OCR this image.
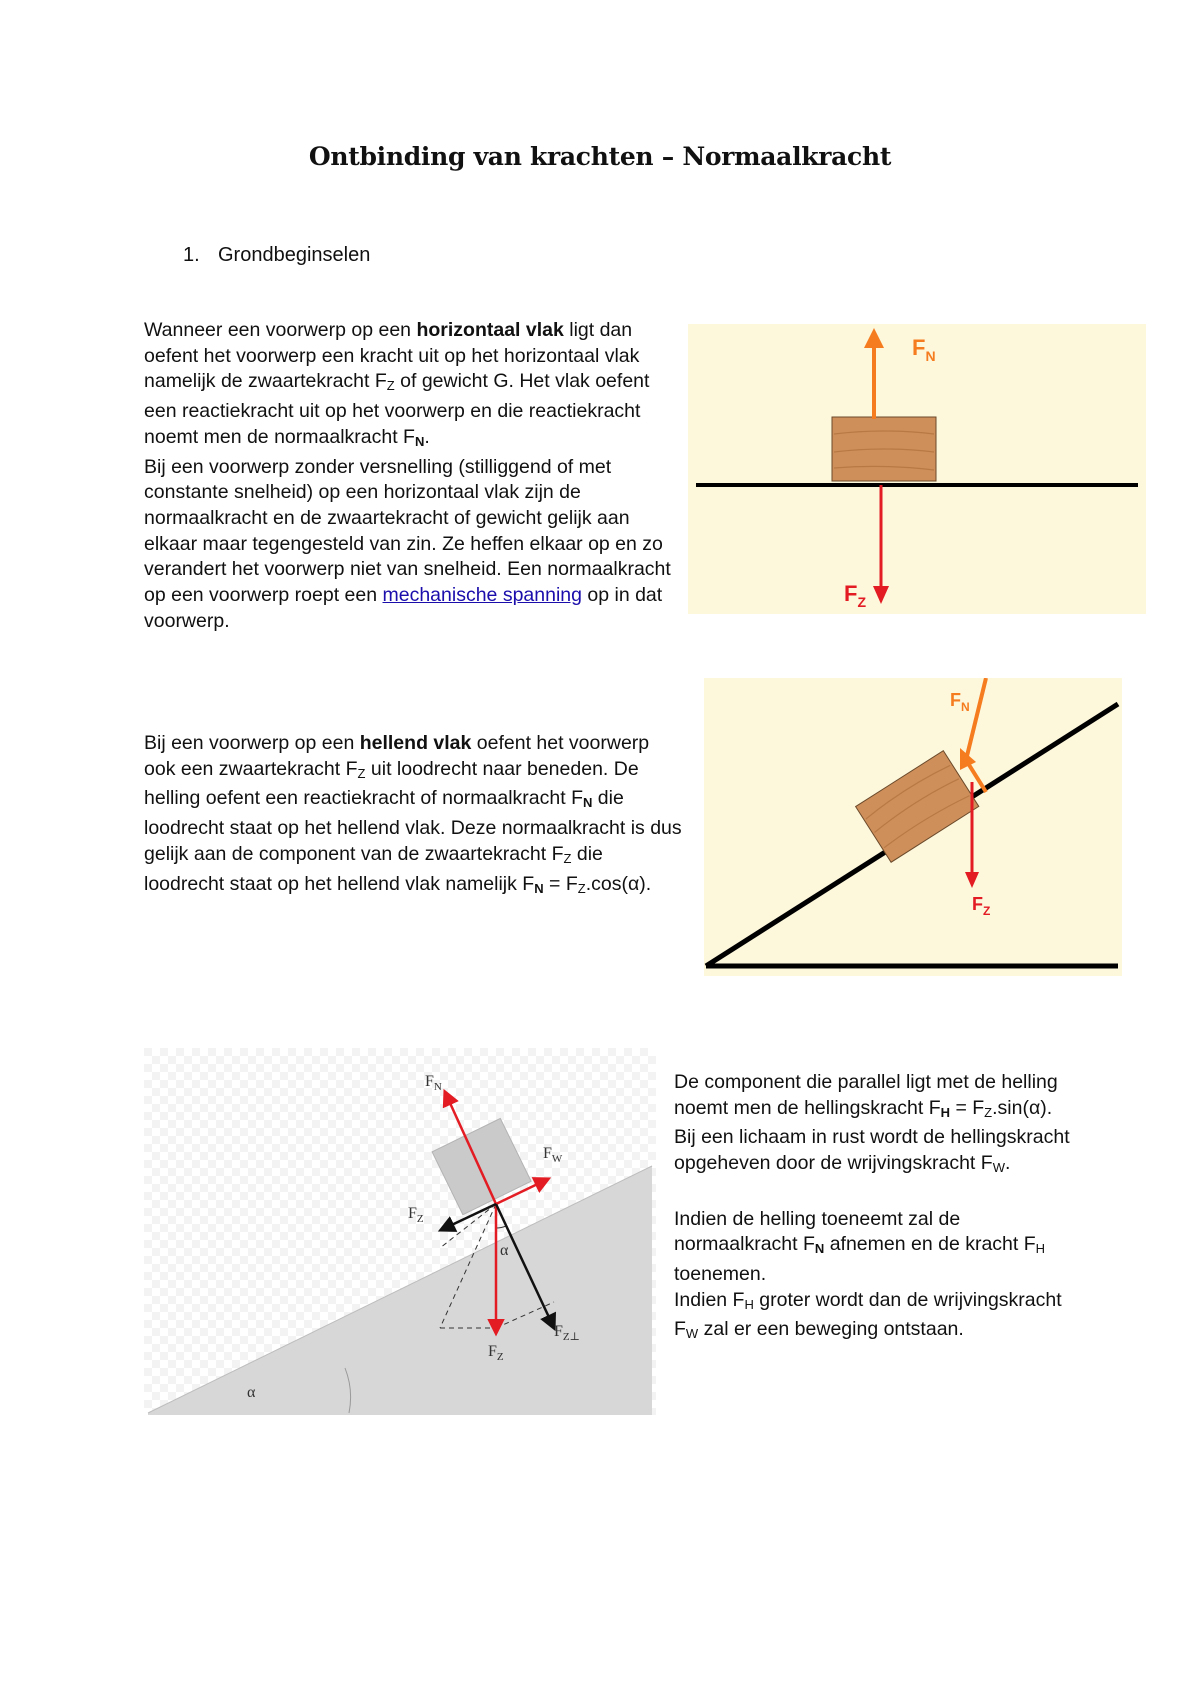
Ontbinding van krachten – Normaalkracht
1. Grondbeginselen

Wanneer een voorwerp op een horizontaal vlak ligt dan oefent het voorwerp een kracht uit op het horizontaal vlak namelijk de zwaartekracht $F_Z$ of gewicht G. Het vlak oefent een reactiekracht uit op het voorwerp en die reactiekracht noemt men de normaalkracht $F_N$.

Bij een voorwerp zonder versnelling (stilliggend of met constante snelheid) op een horizontaal vlak zijn de normaalkracht en de zwaartekracht of gewicht gelijk aan elkaar maar tegengesteld van zin. Ze heffen elkaar op en zo verandert het voorwerp niet van snelheid. Een normaalkracht op een voorwerp roept een mechanische spanning op in dat voorwerp.

$F_N$
$F_Z$

Bij een voorwerp op een hellend vlak oefent het voorwerp ook een zwaartekracht $F_Z$ uit loodrecht naar beneden. De helling oefent een reactiekracht of normaalkracht $F_N$ die loodrecht staat op het hellend vlak. Deze normaalkracht is dus gelijk aan de component van de zwaartekracht $F_Z$ die loodrecht staat op het hellend vlak namelijk $F_N = F_Z.\cos(\alpha)$.

$F_N$
$F_Z$
$F_N$
$F_W$
$F_Z$
$F_Z$
$F_{Z\perp}$
α
α

De component die parallel ligt met de helling noemt men de hellingskracht $F_H = F_Z.\sin(\alpha)$.

Bij een lichaam in rust wordt de hellingskracht opgeheven door de wrijvingskracht $F_W$.

Indien de helling toeneemt zal de normaalkracht $F_N$ afnemen en de kracht $F_H$ toenemen.

Indien $F_H$ groter wordt dan de wrijvingskracht $F_W$ zal er een beweging ontstaan.
